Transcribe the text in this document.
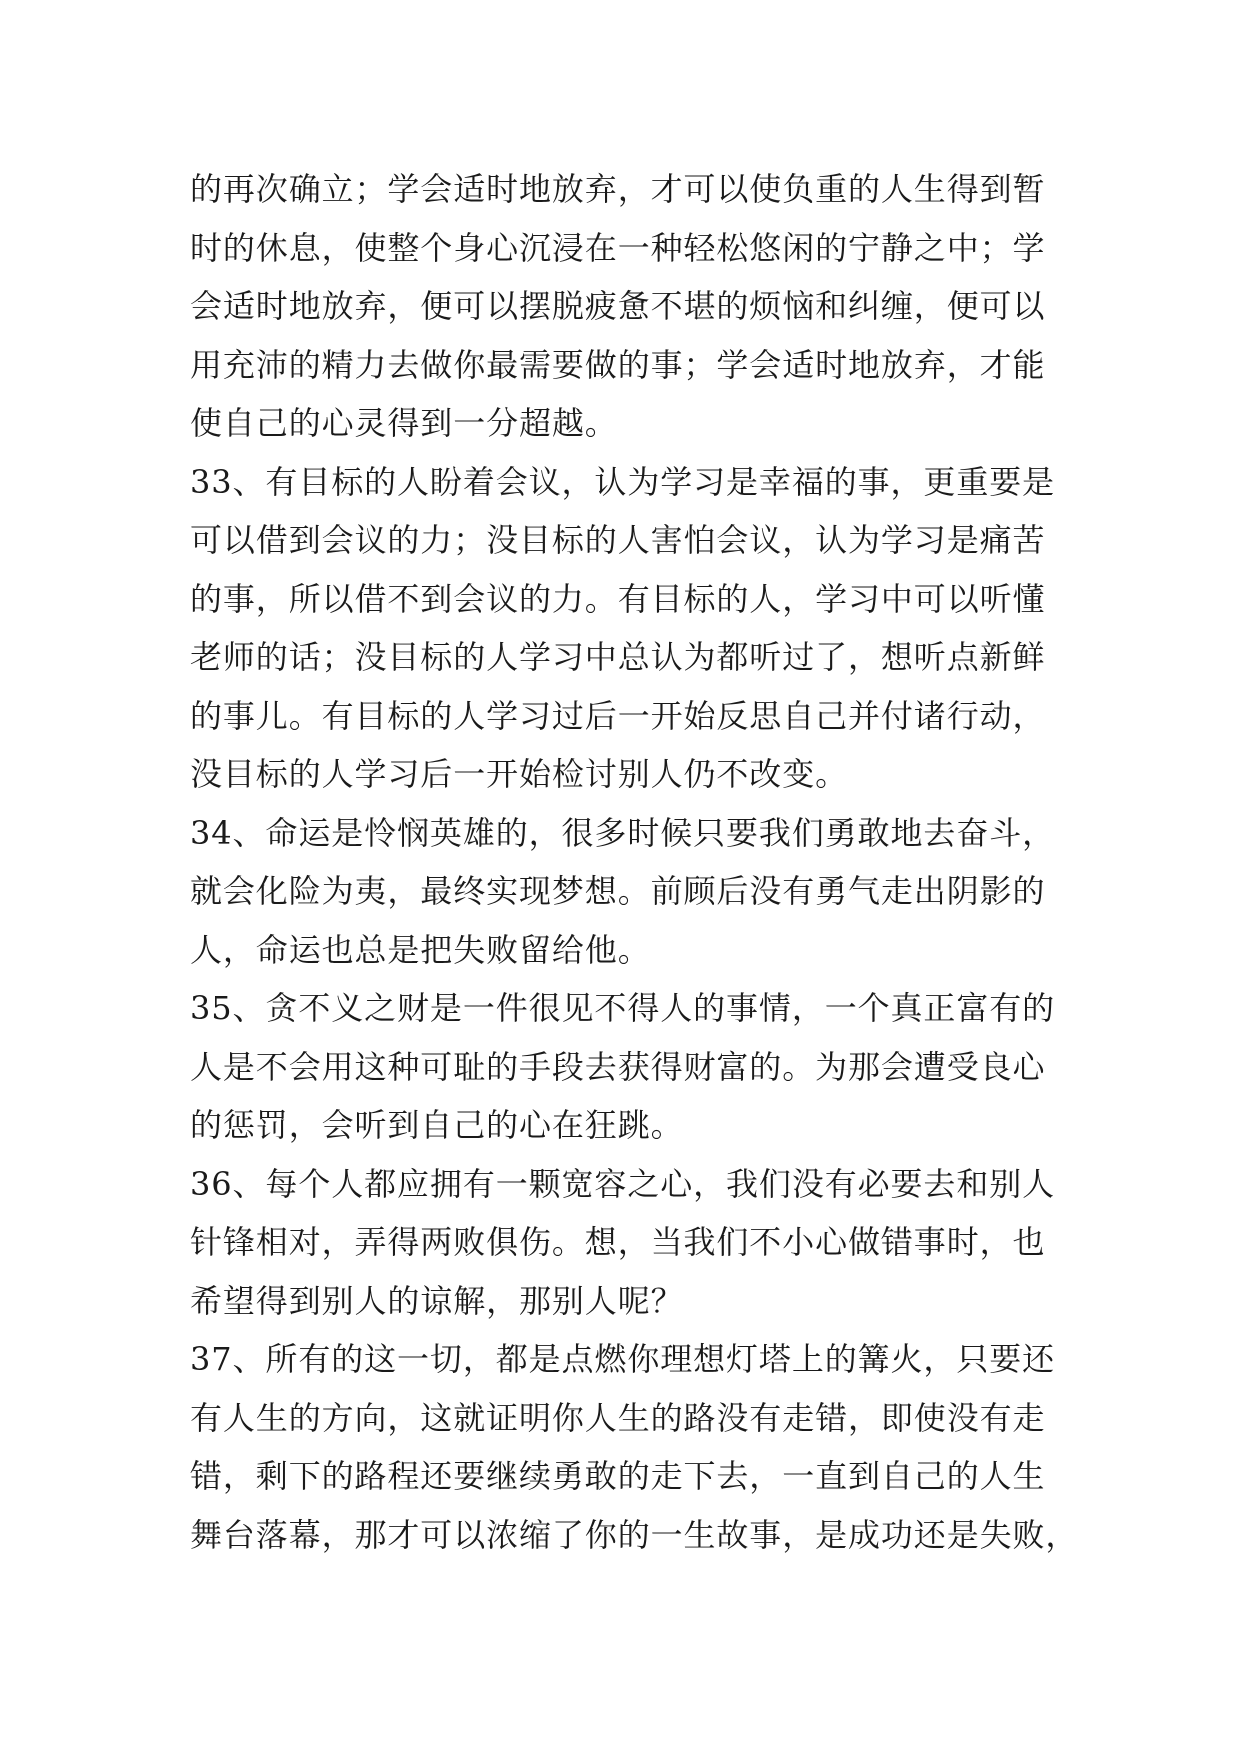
的再次确立；学会适时地放弃，才可以使负重的人生得到暂
时的休息，使整个身心沉浸在一种轻松悠闲的宁静之中；学
会适时地放弃，便可以摆脱疲惫不堪的烦恼和纠缠，便可以
用充沛的精力去做你最需要做的事；学会适时地放弃，才能
使自己的心灵得到一分超越。
33、有目标的人盼着会议，认为学习是幸福的事，更重要是
可以借到会议的力；没目标的人害怕会议，认为学习是痛苦
的事，所以借不到会议的力。有目标的人，学习中可以听懂
老师的话；没目标的人学习中总认为都听过了，想听点新鲜
的事儿。有目标的人学习过后一开始反思自己并付诸行动，
没目标的人学习后一开始检讨别人仍不改变。
34、命运是怜悯英雄的，很多时候只要我们勇敢地去奋斗，
就会化险为夷，最终实现梦想。前顾后没有勇气走出阴影的
人，命运也总是把失败留给他。
35、贪不义之财是一件很见不得人的事情，一个真正富有的
人是不会用这种可耻的手段去获得财富的。为那会遭受良心
的惩罚，会听到自己的心在狂跳。
36、每个人都应拥有一颗宽容之心，我们没有必要去和别人
针锋相对，弄得两败俱伤。想，当我们不小心做错事时，也
希望得到别人的谅解，那别人呢？
37、所有的这一切，都是点燃你理想灯塔上的篝火，只要还
有人生的方向，这就证明你人生的路没有走错，即使没有走
错，剩下的路程还要继续勇敢的走下去，一直到自己的人生
舞台落幕，那才可以浓缩了你的一生故事，是成功还是失败，
